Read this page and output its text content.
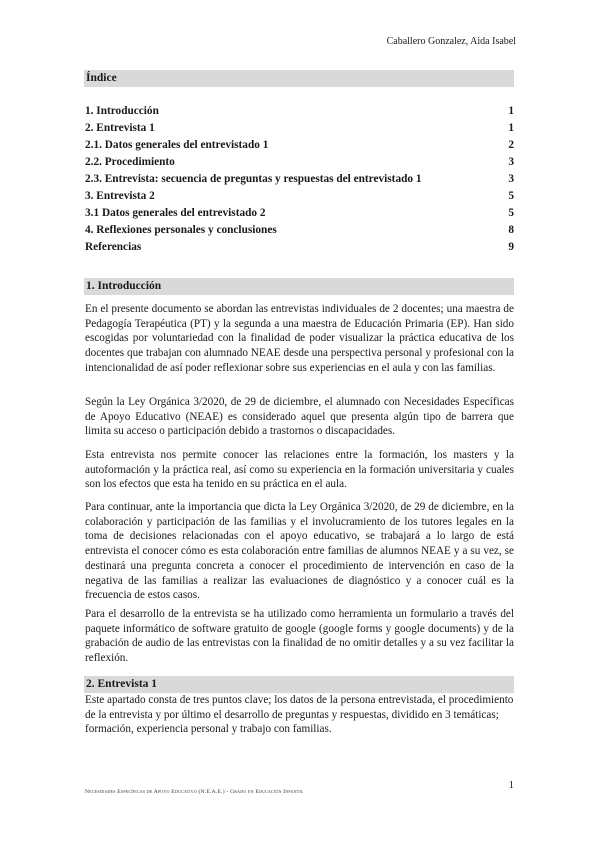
Caballero Gonzalez, Aida Isabel
Índice
1. Introducción	1
2. Entrevista 1	1
2.1. Datos generales del entrevistado 1	2
2.2. Procedimiento	3
2.3. Entrevista: secuencia de preguntas y respuestas del entrevistado 1	3
3. Entrevista 2	5
3.1 Datos generales del entrevistado 2	5
4. Reflexiones personales y conclusiones	8
Referencias	9
1. Introducción

En el presente documento se abordan las entrevistas individuales de 2 docentes; una maestra de Pedagogía Terapéutica (PT) y la segunda a una maestra de Educación Primaria (EP). Han sido escogidas por voluntariedad con la finalidad de poder visualizar la práctica educativa de los docentes que trabajan con alumnado NEAE desde una perspectiva personal y profesional con la intencionalidad de así poder reflexionar sobre sus experiencias en el aula y con las familias.

Según la Ley Orgánica 3/2020, de 29 de diciembre, el alumnado con Necesidades Específicas de Apoyo Educativo (NEAE) es considerado aquel que presenta algún tipo de barrera que limita su acceso o participación debido a trastornos o discapacidades.

Esta entrevista nos permite conocer las relaciones entre la formación, los masters y la autoformación y la práctica real, así como su experiencia en la formación universitaria y cuales son los efectos que esta ha tenido en su práctica en el aula.

Para continuar, ante la importancia que dicta la Ley Orgánica 3/2020, de 29 de diciembre, en la colaboración y participación de las familias y el involucramiento de los tutores legales en la toma de decisiones relacionadas con el apoyo educativo, se trabajará a lo largo de está entrevista el conocer cómo es esta colaboración entre familias de alumnos NEAE y a su vez, se destinará una pregunta concreta a conocer el procedimiento de intervención en caso de la negativa de las familias a realizar las evaluaciones de diagnóstico y a conocer cuál es la frecuencia de estos casos.

Para el desarrollo de la entrevista se ha utilizado como herramienta un formulario a través del paquete informático de software gratuito de google (google forms y google documents) y de la grabación de audio de las entrevistas con la finalidad de no omitir detalles y a su vez facilitar la reflexión.

2. Entrevista 1

Este apartado consta de tres puntos clave; los datos de la persona entrevistada, el procedimiento de la entrevista y por último el desarrollo de preguntas y respuestas, dividido en 3 temáticas; formación, experiencia personal y trabajo con familias.

1
Necesidades Específicas de Apoyo Educativo (N.E.A.E.) - Grado en Educación Infantil
